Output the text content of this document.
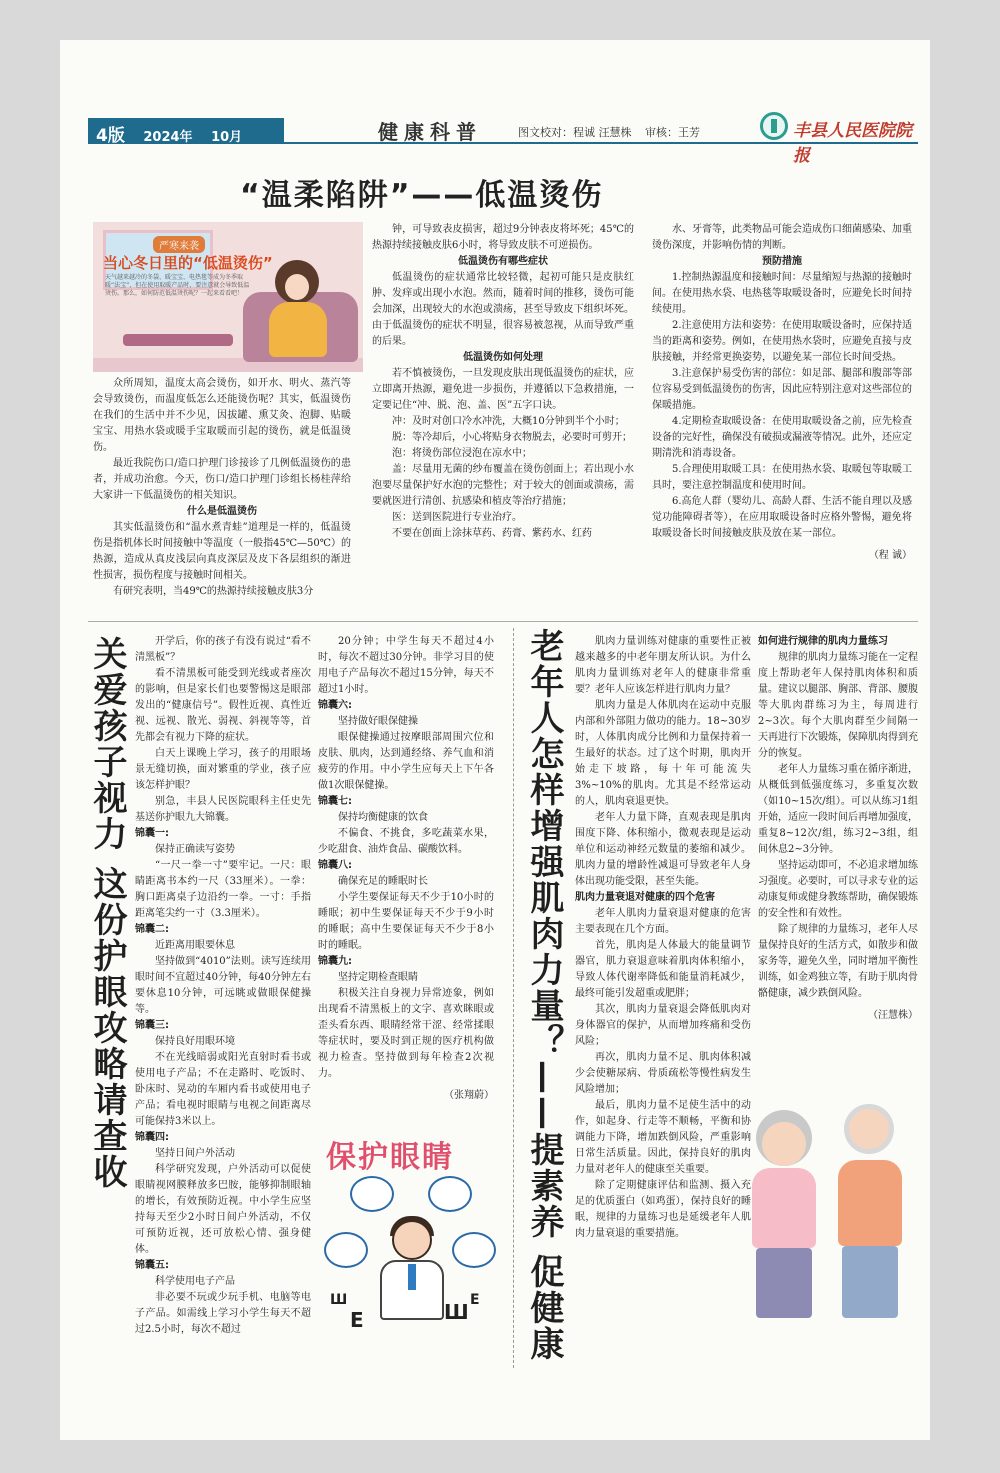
4版 2024年 10月	健康科普	图文校对：程诚 汪慧株 审核：王芳	丰县人民医院院报
“温柔陷阱”——低温烫伤
严寒来袭
当心冬日里的“低温烫伤”
天气越来越冷的冬袋、暖宝宝、电热毯等成为冬季取暖“法宝”，但在使用取暖产品时，要注意就会导致低温烫伤。那么，如何防范低温烫伤呢？一起来看看吧！

众所周知，温度太高会烫伤，如开水、明火、蒸汽等会导致烫伤，而温度低怎么还能烫伤呢？其实，低温烫伤在我们的生活中并不少见，因拔罐、熏艾灸、泡脚、贴暖宝宝、用热水袋或暖手宝取暖而引起的烫伤，就是低温烫伤。

最近我院伤口/造口护理门诊接诊了几例低温烫伤的患者，并成功治愈。今天，伤口/造口护理门诊组长杨桂萍给大家讲一下低温烫伤的相关知识。

什么是低温烫伤

其实低温烫伤和“温水煮青蛙”道理是一样的，低温烫伤是指机体长时间接触中等温度（一般指45℃—50℃）的热源，造成从真皮浅层向真皮深层及皮下各层组织的渐进性损害，损伤程度与接触时间相关。

有研究表明，当49℃的热源持续接触皮肤3分

钟，可导致表皮损害，超过9分钟表皮将坏死；45℃的热源持续接触皮肤6小时，将导致皮肤不可逆损伤。

低温烫伤有哪些症状

低温烫伤的症状通常比较轻微，起初可能只是皮肤红肿、发痒或出现小水泡。然而，随着时间的推移，烫伤可能会加深，出现较大的水泡或溃疡，甚至导致皮下组织坏死。由于低温烫伤的症状不明显，很容易被忽视，从而导致严重的后果。

低温烫伤如何处理

若不慎被烫伤，一旦发现皮肤出现低温烫伤的症状，应立即离开热源，避免进一步损伤，并遵循以下急救措施，一定要记住“冲、脱、泡、盖、医”五字口诀。

冲：及时对创口冷水冲洗，大概10分钟到半个小时；

脱：等冷却后，小心将贴身衣物脱去，必要时可剪开；

泡：将烫伤部位浸泡在凉水中；

盖：尽量用无菌的纱布覆盖在烫伤创面上；若出现小水泡要尽量保护好水泡的完整性；对于较大的创面或溃疡，需要就医进行清创、抗感染和植皮等治疗措施；

医：送到医院进行专业治疗。

不要在创面上涂抹草药、药膏、紫药水、红药

水、牙膏等，此类物品可能会造成伤口细菌感染、加重烫伤深度，并影响伤情的判断。

预防措施

1.控制热源温度和接触时间：尽量缩短与热源的接触时间。在使用热水袋、电热毯等取暖设备时，应避免长时间持续使用。

2.注意使用方法和姿势：在使用取暖设备时，应保持适当的距离和姿势。例如，在使用热水袋时，应避免直接与皮肤接触，并经常更换姿势，以避免某一部位长时间受热。

3.注意保护易受伤害的部位：如足部、腿部和腹部等部位容易受到低温烫伤的伤害，因此应特别注意对这些部位的保暖措施。

4.定期检查取暖设备：在使用取暖设备之前，应先检查设备的完好性，确保没有破损或漏液等情况。此外，还应定期清洗和消毒设备。

5.合理使用取暖工具：在使用热水袋、取暖包等取暖工具时，要注意控制温度和使用时间。

6.高危人群（婴幼儿、高龄人群、生活不能自理以及感觉功能障碍者等），在应用取暖设备时应格外警惕，避免将取暖设备长时间接触皮肤及放在某一部位。

（程 诚）

关爱孩子视力 这份护眼攻略请查收	开学后，你的孩子有没有说过“看不清黑板”？

看不清黑板可能受到光线或者座次的影响，但是家长们也要警惕这是眼部发出的“健康信号”。假性近视、真性近视、远视、散光、弱视、斜视等等，首先都会有视力下降的症状。

白天上课晚上学习，孩子的用眼场景无缝切换，面对繁重的学业，孩子应该怎样护眼？

别急，丰县人民医院眼科主任史先基送你护眼九大锦囊。

锦囊一:

保持正确读写姿势

“一尺一拳一寸”要牢记。一尺：眼睛距离书本约一尺（33厘米）。一拳：胸口距离桌子边沿约一拳。一寸：手指距离笔尖约一寸（3.3厘米）。

锦囊二:

近距离用眼要休息

坚持做到“4010”法则。读写连续用眼时间不宜超过40分钟，每40分钟左右要休息10分钟，可远眺或做眼保健操等。

锦囊三:

保持良好用眼环境

不在光线暗弱或阳光直射时看书或使用电子产品；不在走路时、吃饭时、卧床时、晃动的车厢内看书或使用电子产品；看电视时眼睛与电视之间距离尽可能保持3米以上。

锦囊四:

坚持日间户外活动

科学研究发现，户外活动可以促使眼睛视网膜释放多巴胺，能够抑制眼轴的增长，有效预防近视。中小学生应坚持每天至少2小时日间户外活动，不仅可预防近视，还可放松心情、强身健体。

锦囊五:

科学使用电子产品

非必要不玩或少玩手机、电脑等电子产品。如需线上学习小学生每天不超过2.5小时，每次不超过

20分钟；中学生每天不超过4小时，每次不超过30分钟。非学习目的使用电子产品每次不超过15分钟，每天不超过1小时。

锦囊六:

坚持做好眼保健操

眼保健操通过按摩眼部周围穴位和皮肤、肌肉，达到通经络、养气血和消疲劳的作用。中小学生应每天上下午各做1次眼保健操。

锦囊七:

保持均衡健康的饮食

不偏食、不挑食，多吃蔬菜水果，少吃甜食、油炸食品、碳酸饮料。

锦囊八:

确保充足的睡眠时长

小学生要保证每天不少于10小时的睡眠；初中生要保证每天不少于9小时的睡眠；高中生要保证每天不少于8小时的睡眠。

锦囊九:

坚持定期检查眼睛

积极关注自身视力异常迹象，例如出现看不清黑板上的文字、喜欢眯眼或歪头看东西、眼睛经常干涩、经常揉眼等症状时，要及时到正规的医疗机构做视力检查。坚持做到每年检查2次视力。

（张翔蔚）

保护眼睛
Ш
E	Ш E
老年人怎样增强肌肉力量？——提素养 促健康

肌肉力量训练对健康的重要性正被越来越多的中老年朋友所认识。为什么肌肉力量训练对老年人的健康非常重要？老年人应该怎样进行肌肉力量？

肌肉力量是人体肌肉在运动中克服内部和外部阻力做功的能力。18~30岁时，人体肌肉成分比例和力量保持着一生最好的状态。过了这个时期，肌肉开始走下坡路，每十年可能流失3%~10%的肌肉。尤其是不经常运动的人，肌肉衰退更快。

老年人力量下降，直观表现是肌肉围度下降、体积缩小，微观表现是运动单位和运动神经元数量的萎缩和减少。肌肉力量的增龄性减退可导致老年人身体出现功能受限，甚至失能。

肌肉力量衰退对健康的四个危害

老年人肌肉力量衰退对健康的危害主要表现在几个方面。

首先，肌肉是人体最大的能量调节器官，肌力衰退意味着肌肉体积缩小，导致人体代谢率降低和能量消耗减少，最终可能引发超重或肥胖；

其次，肌肉力量衰退会降低肌肉对身体器官的保护，从而增加疼痛和受伤风险；

再次，肌肉力量不足、肌肉体积减少会使糖尿病、骨质疏松等慢性病发生风险增加；

最后，肌肉力量不足使生活中的动作，如起身、行走等不顺畅，平衡和协调能力下降，增加跌倒风险，严重影响日常生活质量。因此，保持良好的肌肉力量对老年人的健康至关重要。

除了定期健康评估和监测、摄入充足的优质蛋白（如鸡蛋），保持良好的睡眠，规律的力量练习也是延缓老年人肌肉力量衰退的重要措施。

如何进行规律的肌肉力量练习

规律的肌肉力量练习能在一定程度上帮助老年人保持肌肉体积和质量。建议以腿部、胸部、背部、腰腹等大肌肉群练习为主，每周进行2~3次。每个大肌肉群至少间隔一天再进行下次锻炼，保障肌肉得到充分的恢复。

老年人力量练习重在循序渐进，从概低到低强度练习，多重复次数（如10~15次/组）。可以从练习1组开始，适应一段时间后再增加强度，重复8~12次/组，练习2~3组，组间休息2~3分钟。

坚持运动即可，不必追求增加练习强度。必要时，可以寻求专业的运动康复师或健身教练帮助，确保锻炼的安全性和有效性。

除了规律的力量练习，老年人尽量保持良好的生活方式，如散步和做家务等，避免久坐，同时增加平衡性训练，如金鸡独立等，有助于肌肉骨骼健康，减少跌倒风险。

（汪慧株）
